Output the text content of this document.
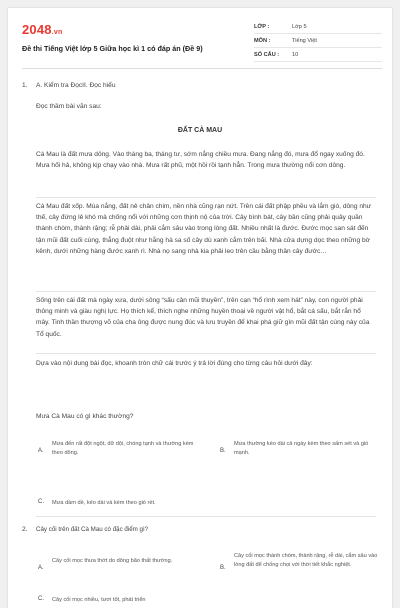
2048.vn
Đề thi Tiếng Việt lớp 5 Giữa học kì 1 có đáp án (Đề 9)
LỚP :	Lớp 5
MÔN :	Tiếng Việt
SỐ CÂU :	10
1. A. Kiểm tra ĐọcII. Đọc hiểu
Đọc thầm bài văn sau:
ĐẤT CÀ MAU
Cà Mau là đất mưa dông. Vào tháng ba, tháng tư, sớm nắng chiều mưa. Đang nắng đó, mưa đổ ngay xuống đó. Mưa hối hả, không kịp chạy vào nhà. Mưa rất phũ, một hồi rồi tạnh hẳn. Trong mưa thường nổi cơn dông.
Cà Mau đất xốp. Mùa nắng, đất nẻ chân chim, nền nhà cũng rạn nứt. Trên cái đất phập phều và lắm gió, dông như thế, cây đứng lẻ khó mà chống nổi với những cơn thịnh nộ của trời. Cây bình bát, cây bần cũng phải quây quần thành chòm, thành rặng; rễ phải dài, phải cắm sâu vào trong lòng đất. Nhiều nhất là đước. Đước mọc san sát đến tận mũi đất cuối cùng, thẳng đuột như hằng hà sa số cây dù xanh cắm trên bãi. Nhà cửa dựng dọc theo những bờ kênh, dưới những hàng đước xanh rì. Nhà nọ sang nhà kia phải leo trên cầu bằng thân cây đước…
Sống trên cái đất mà ngày xưa, dưới sông “sấu cản mũi thuyền”, trên cạn “hổ rình xem hát” này, con người phải thông minh và giàu nghị lực. Họ thích kể, thích nghe những huyền thoại về người vật hổ, bắt cá sấu, bắt rắn hổ mây. Tinh thần thượng võ của cha ông được nung đúc và lưu truyền để khai phá giữ gìn mũi đất tận cùng này của Tổ quốc.
Dựa vào nội dung bài đọc, khoanh tròn chữ cái trước ý trả lời đúng cho từng câu hỏi dưới đây:
Mưa Cà Mau có gì khác thường?
A.
Mưa đến rất đột ngột, dữ dội, chóng tạnh và thường kèm theo dông.	B.
Mưa thường kéo dài cả ngày kèm theo sấm sét và gió mạnh.
C. Mưa dầm dề, kéo dài và kèm theo gió rét.
2. Cây cối trên đất Cà Mau có đặc điểm gì?
A.
Cây cối mọc thưa thớt do dông bão thất thường.
B.
Cây cối mọc thành chòm, thành rặng, rễ dài, cắm sâu vào lòng đất để chống chọi với thời tiết khắc nghiệt.
C. Cây cối mọc nhiều, tươi tốt, phát triển
